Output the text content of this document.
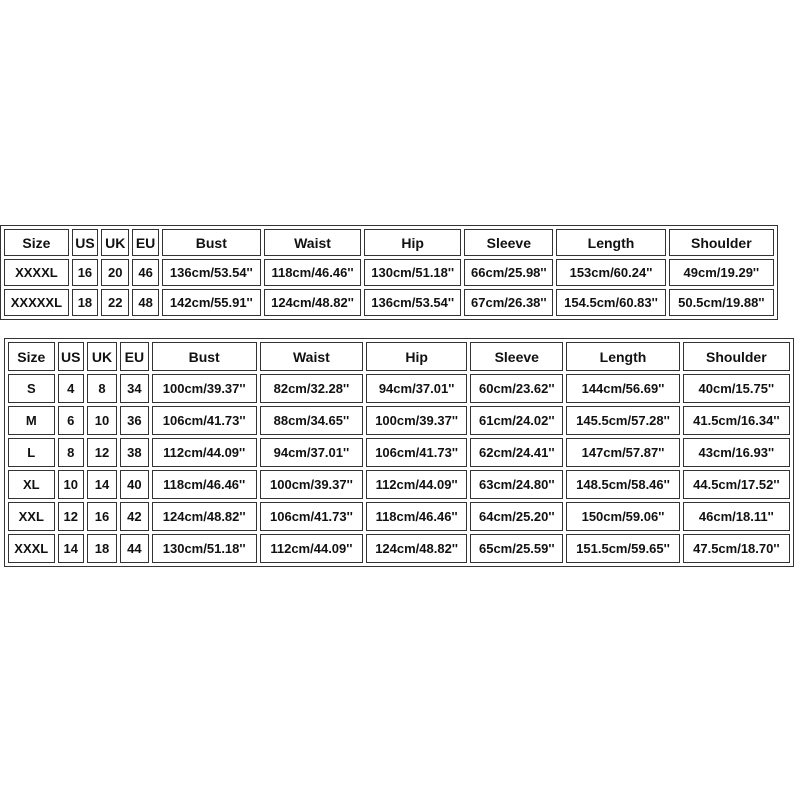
Size	US	UK	EU	Bust	Waist	Hip	Sleeve	Length	Shoulder
XXXXL	16	20	46	136cm/53.54''	118cm/46.46''	130cm/51.18''	66cm/25.98''	153cm/60.24''	49cm/19.29''
XXXXXL	18	22	48	142cm/55.91''	124cm/48.82''	136cm/53.54''	67cm/26.38''	154.5cm/60.83''	50.5cm/19.88''
Size	US	UK	EU	Bust	Waist	Hip	Sleeve	Length	Shoulder
S	4	8	34	100cm/39.37''	82cm/32.28''	94cm/37.01''	60cm/23.62''	144cm/56.69''	40cm/15.75''
M	6	10	36	106cm/41.73''	88cm/34.65''	100cm/39.37''	61cm/24.02''	145.5cm/57.28''	41.5cm/16.34''
L	8	12	38	112cm/44.09''	94cm/37.01''	106cm/41.73''	62cm/24.41''	147cm/57.87''	43cm/16.93''
XL	10	14	40	118cm/46.46''	100cm/39.37''	112cm/44.09''	63cm/24.80''	148.5cm/58.46''	44.5cm/17.52''
XXL	12	16	42	124cm/48.82''	106cm/41.73''	118cm/46.46''	64cm/25.20''	150cm/59.06''	46cm/18.11''
XXXL	14	18	44	130cm/51.18''	112cm/44.09''	124cm/48.82''	65cm/25.59''	151.5cm/59.65''	47.5cm/18.70''
